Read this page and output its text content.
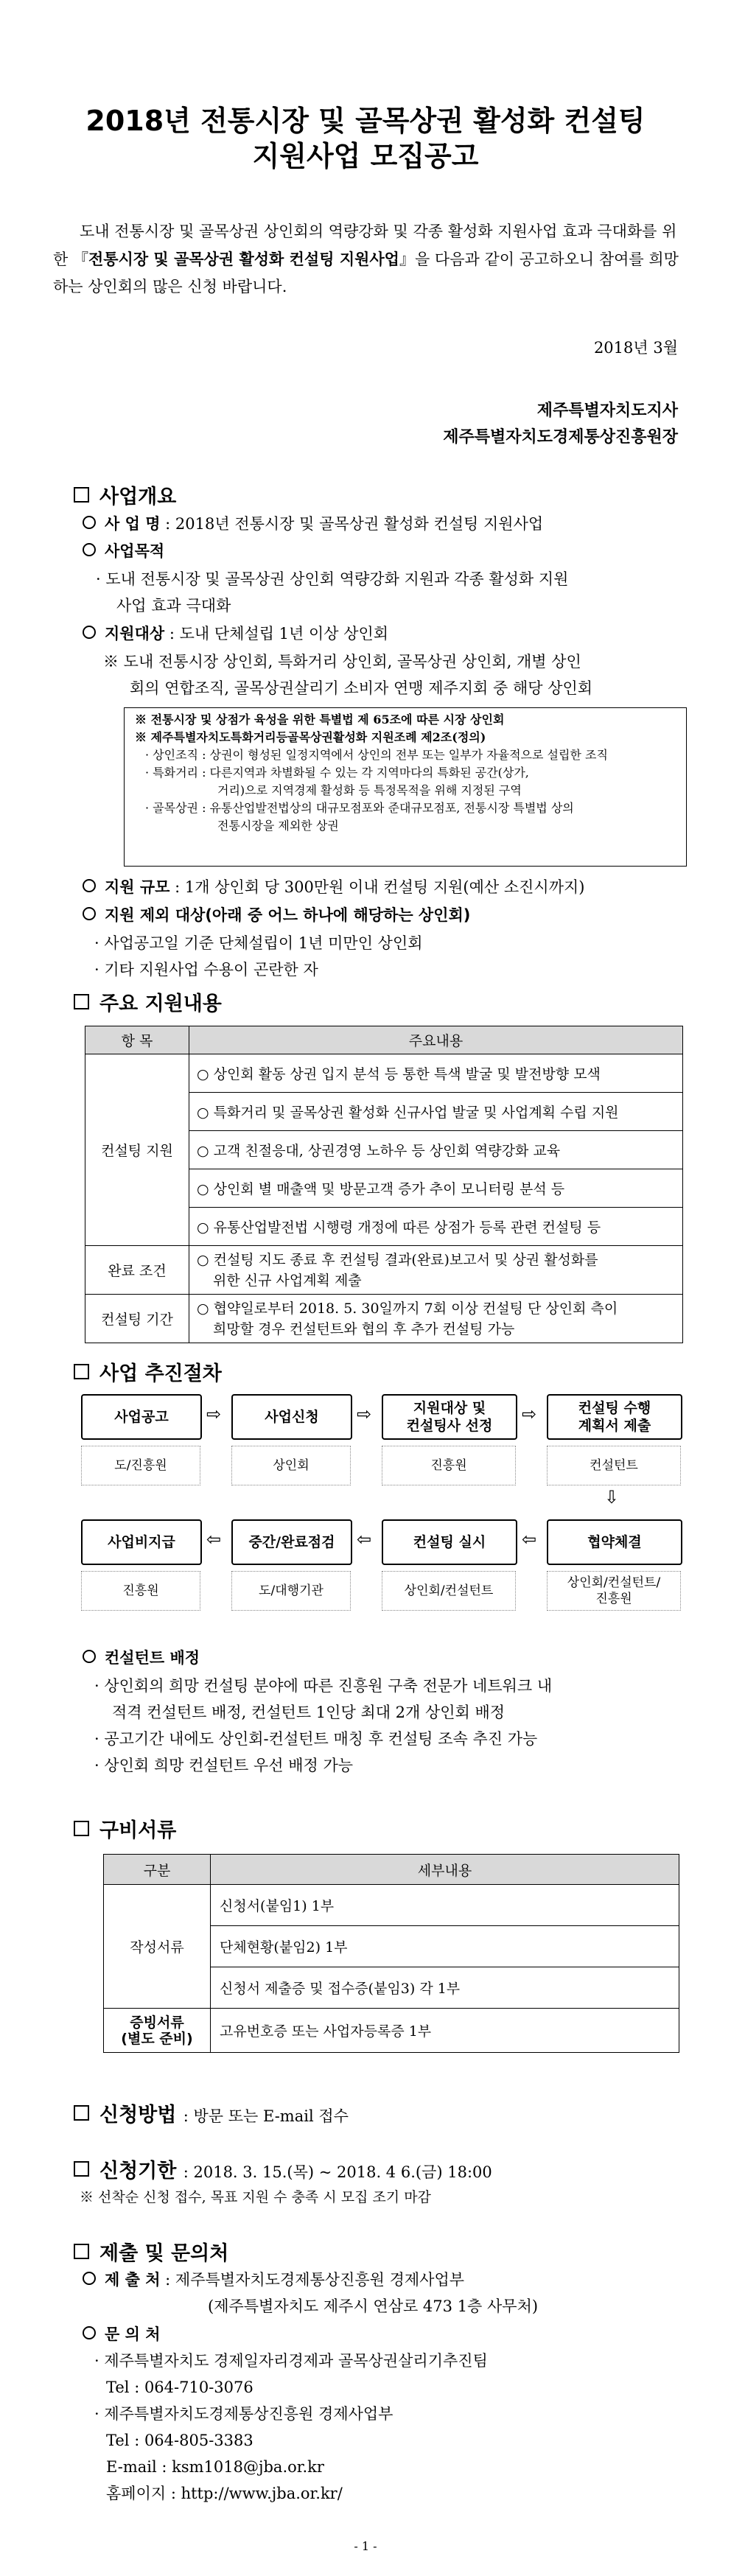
2018년 전통시장 및 골목상권 활성화 컨설팅
지원사업 모집공고
도내 전통시장 및 골목상권 상인회의 역량강화 및 각종 활성화 지원사업 효과 극대화를 위한 『전통시장 및 골목상권 활성화 컨설팅 지원사업』을 다음과 같이 공고하오니 참여를 희망하는 상인회의 많은 신청 바랍니다.
2018년 3월
제주특별자치도지사
제주특별자치도경제통상진흥원장
사업개요
사 업 명 : 2018년 전통시장 및 골목상권 활성화 컨설팅 지원사업
사업목적
· 도내 전통시장 및 골목상권 상인회 역량강화 지원과 각종 활성화 지원
사업 효과 극대화
지원대상 : 도내 단체설립 1년 이상 상인회
※ 도내 전통시장 상인회, 특화거리 상인회, 골목상권 상인회, 개별 상인
회의 연합조직, 골목상권살리기 소비자 연맹 제주지회 중 해당 상인회
※ 전통시장 및 상점가 육성을 위한 특별법 제 65조에 따른 시장 상인회
※ 제주특별자치도특화거리등골목상권활성화 지원조례 제2조(정의)
· 상인조직 : 상권이 형성된 일정지역에서 상인의 전부 또는 일부가 자율적으로 설립한 조직
· 특화거리 : 다른지역과 차별화될 수 있는 각 지역마다의 특화된 공간(상가,
거리)으로 지역경제 활성화 등 특정목적을 위해 지정된 구역
· 골목상권 : 유통산업발전법상의 대규모점포와 준대규모점포, 전통시장 특별법 상의
전통시장을 제외한 상권
지원 규모 : 1개 상인회 당 300만원 이내 컨설팅 지원(예산 소진시까지)
지원 제외 대상(아래 중 어느 하나에 해당하는 상인회)
· 사업공고일 기준 단체설립이 1년 미만인 상인회
· 기타 지원사업 수용이 곤란한 자
주요 지원내용
항 목	주요내용
컨설팅 지원	○ 상인회 활동 상권 입지 분석 등 통한 특색 발굴 및 발전방향 모색
	○ 특화거리 및 골목상권 활성화 신규사업 발굴 및 사업계획 수립 지원
	○ 고객 친절응대, 상권경영 노하우 등 상인회 역량강화 교육
	○ 상인회 별 매출액 및 방문고객 증가 추이 모니터링 분석 등
	○ 유통산업발전법 시행령 개정에 따른 상점가 등록 관련 컨설팅 등
완료 조건	○ 컨설팅 지도 종료 후 컨설팅 결과(완료)보고서 및 상권 활성화를
위한 신규 사업계획 제출

컨설팅 기간	○ 협약일로부터 2018. 5. 30일까지 7회 이상 컨설팅 단 상인회 측이
희망할 경우 컨설턴트와 협의 후 추가 컨설팅 가능
사업 추진절차
사업공고	⇨	사업신청	⇨	지원대상 및
컨설팅사 선정
⇨	컨설팅 수행
계획서 제출
도/진흥원	상인회	진흥원	컨설턴트
⇩
사업비지급	⇦	중간/완료점검	⇦	컨설팅 실시	⇦	협약체결
진흥원	도/대행기관	상인회/컨설턴트
상인회/컨설턴트/
진흥원
컨설턴트 배정
· 상인회의 희망 컨설팅 분야에 따른 진흥원 구축 전문가 네트워크 내
적격 컨설턴트 배정, 컨설턴트 1인당 최대 2개 상인회 배정
· 공고기간 내에도 상인회-컨설턴트 매칭 후 컨설팅 조속 추진 가능
· 상인회 희망 컨설턴트 우선 배정 가능
구비서류
구분	세부내용
작성서류	신청서(붙임1) 1부
	단체현황(붙임2) 1부
	신청서 제출증 및 접수증(붙임3) 각 1부

증빙서류
(별도 준비)	고유번호증 또는 사업자등록증 1부
신청방법 : 방문 또는 E-mail 접수
신청기한 : 2018. 3. 15.(목) ~ 2018. 4 6.(금) 18:00
※ 선착순 신청 접수, 목표 지원 수 충족 시 모집 조기 마감
제출 및 문의처
제 출 처 : 제주특별자치도경제통상진흥원 경제사업부
(제주특별자치도 제주시 연삼로 473 1층 사무처)
문 의 처
· 제주특별자치도 경제일자리경제과 골목상권살리기추진팀
Tel : 064-710-3076
· 제주특별자치도경제통상진흥원 경제사업부
Tel : 064-805-3383
E-mail : ksm1018@jba.or.kr
홈페이지 : http://www.jba.or.kr/
- 1 -
